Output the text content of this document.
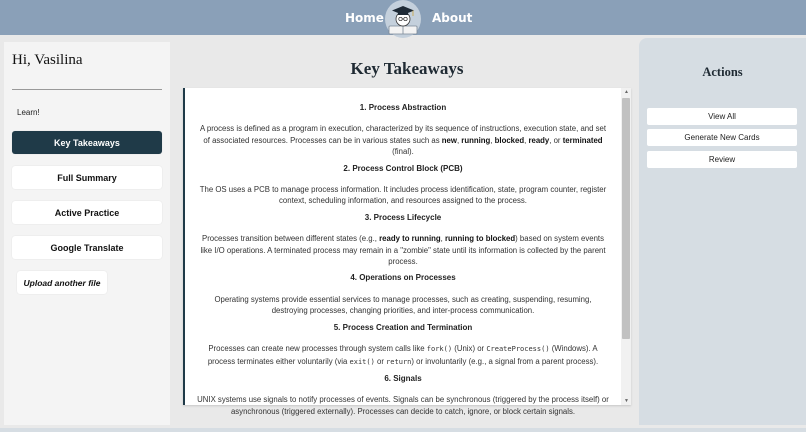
Home	About
Hi, Vasilina
Learn!
Key Takeaways
Full Summary
Active Practice
Google Translate
Upload another file
Key Takeaways
1. Process Abstraction

A process is defined as a program in execution, characterized by its sequence of instructions, execution state, and set of associated resources. Processes can be in various states such as new, running, blocked, ready, or terminated (final).

2. Process Control Block (PCB)

The OS uses a PCB to manage process information. It includes process identification, state, program counter, register context, scheduling information, and resources assigned to the process.

3. Process Lifecycle

Processes transition between different states (e.g., ready to running, running to blocked) based on system events like I/O operations. A terminated process may remain in a "zombie" state until its information is collected by the parent process.

4. Operations on Processes

Operating systems provide essential services to manage processes, such as creating, suspending, resuming, destroying processes, changing priorities, and inter-process communication.

5. Process Creation and Termination

Processes can create new processes through system calls like fork() (Unix) or CreateProcess() (Windows). A process terminates either voluntarily (via exit() or return) or involuntarily (e.g., a signal from a parent process).

6. Signals

UNIX systems use signals to notify processes of events. Signals can be synchronous (triggered by the process itself) or asynchronous (triggered externally). Processes can decide to catch, ignore, or block certain signals.

▲
▼
Actions
View All
Generate New Cards
Review
